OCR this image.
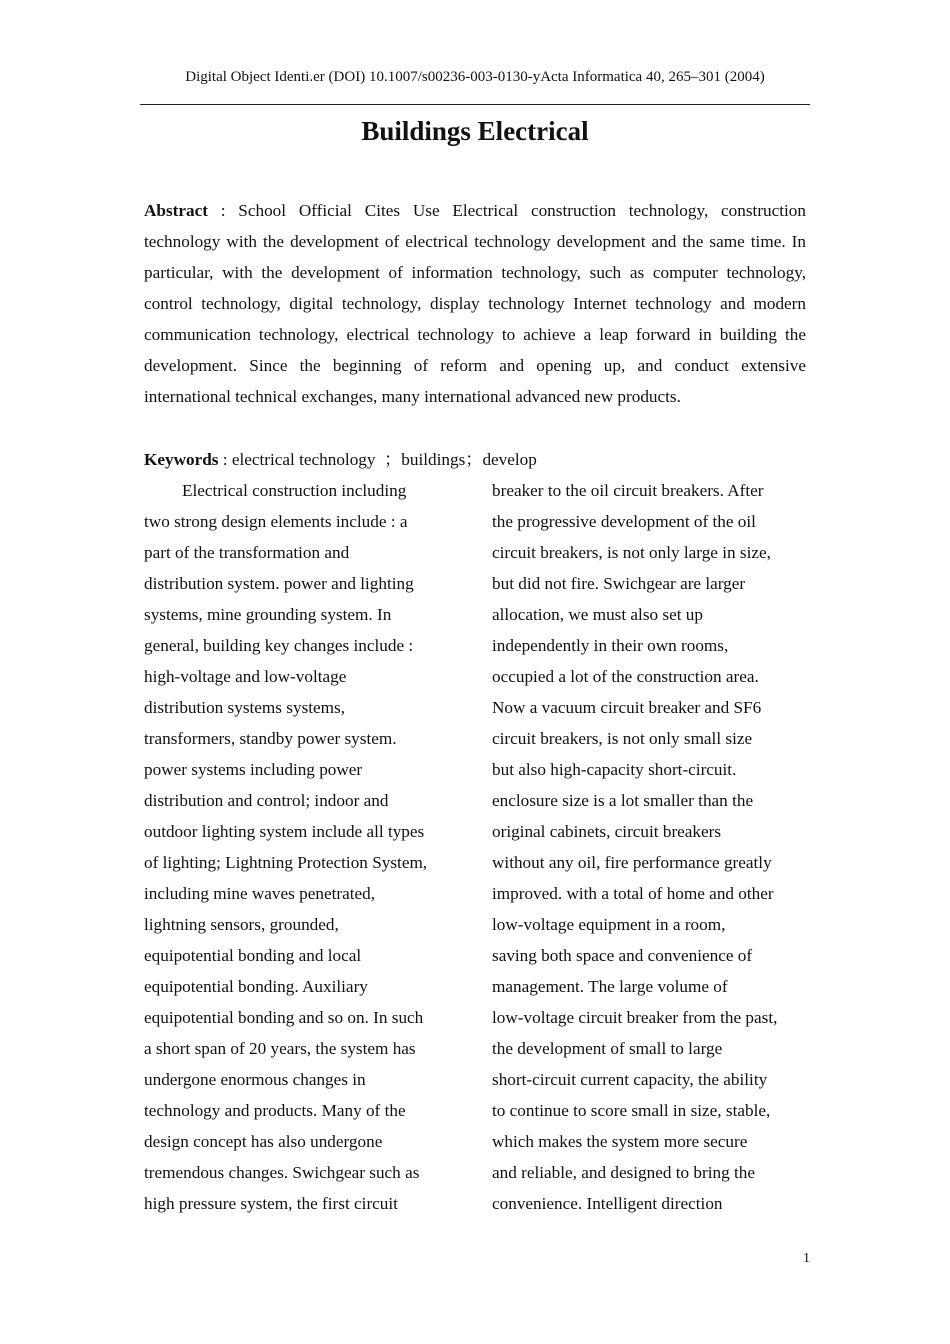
Digital Object Identi.er (DOI) 10.1007/s00236-003-0130-yActa Informatica 40, 265–301 (2004)
Buildings Electrical

Abstract : School Official Cites Use Electrical construction technology, construction technology with the development of electrical technology development and the same time. In particular, with the development of information technology, such as computer technology, control technology, digital technology, display technology Internet technology and modern communication technology, electrical technology to achieve a leap forward in building the development. Since the beginning of reform and opening up, and conduct extensive international technical exchanges, many international advanced new products.

Keywords : electrical technology  ；buildings；develop

Electrical construction including
two strong design elements include : a
part of the transformation and
distribution system. power and lighting
systems, mine grounding system. In
general, building key changes include :
high-voltage and low-voltage
distribution systems systems,
transformers, standby power system.
power systems including power
distribution and control; indoor and
outdoor lighting system include all types
of lighting; Lightning Protection System,
including mine waves penetrated,
lightning sensors, grounded,
equipotential bonding and local
equipotential bonding. Auxiliary
equipotential bonding and so on. In such
a short span of 20 years, the system has
undergone enormous changes in
technology and products. Many of the
design concept has also undergone
tremendous changes. Swichgear such as
high pressure system, the first circuit
breaker to the oil circuit breakers. After
the progressive development of the oil
circuit breakers, is not only large in size,
but did not fire. Swichgear are larger
allocation, we must also set up
independently in their own rooms,
occupied a lot of the construction area.
Now a vacuum circuit breaker and SF6
circuit breakers, is not only small size
but also high-capacity short-circuit.
enclosure size is a lot smaller than the
original cabinets, circuit breakers
without any oil, fire performance greatly
improved. with a total of home and other
low-voltage equipment in a room,
saving both space and convenience of
management. The large volume of
low-voltage circuit breaker from the past,
the development of small to large
short-circuit current capacity, the ability
to continue to score small in size, stable,
which makes the system more secure
and reliable, and designed to bring the
convenience. Intelligent direction
1
